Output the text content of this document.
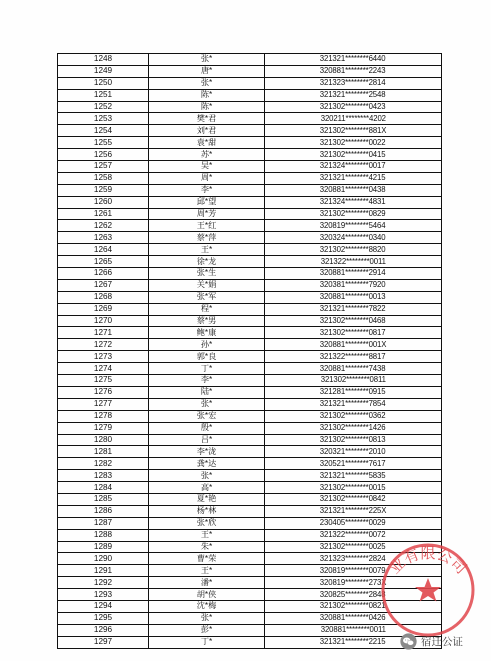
1248	张*	321321********6440
1249	唐*	320881********2243
1250	张*	321323********2814
1251	陈*	321321********2548
1252	陈*	321302********0423
1253	樊*君	320211********4202
1254	刘*君	321302********881X
1255	袁*甜	321302********0022
1256	苏*	321302********0415
1257	吴*	321324********0017
1258	周*	321321********4215
1259	李*	320881********0438
1260	邱*望	321324********4831
1261	周*芳	321302********0829
1262	王*红	320819********5464
1263	蔡*萍	320324********0340
1264	王*	321302********8820
1265	徐*龙	321322********0011
1266	张*生	320881********2914
1267	关*娟	320381********7920
1268	张*军	320881********0013
1269	程*	321321********7822
1270	蔡*男	321302********0468
1271	鲍*康	321302********0817
1272	孙*	320881********001X
1273	郭*良	321322********8817
1274	丁*	320881********7438
1275	李*	321302********0811
1276	陆*	321281********0915
1277	张*	321321********7854
1278	张*宏	321302********0362
1279	殷*	321302********1426
1280	吕*	321302********0813
1281	李*泷	320321********2010
1282	龚*达	320521********7617
1283	张*	321321********5835
1284	高*	321302********0015
1285	夏*艳	321302********0842
1286	杨*林	321321********225X
1287	张*欣	230405********0029
1288	王*	321322********0072
1289	朱*	321302********0025
1290	曹*荣	321323********2824
1291	王*	320819********0079
1292	潘*	320819********273X
1293	胡*侠	320825********2848
1294	沈*梅	321302********0821
1295	张*	320881********0426
1296	彭*	320881********0011
1297	丁*	321321********2215
业有限公司
宿迁公证
